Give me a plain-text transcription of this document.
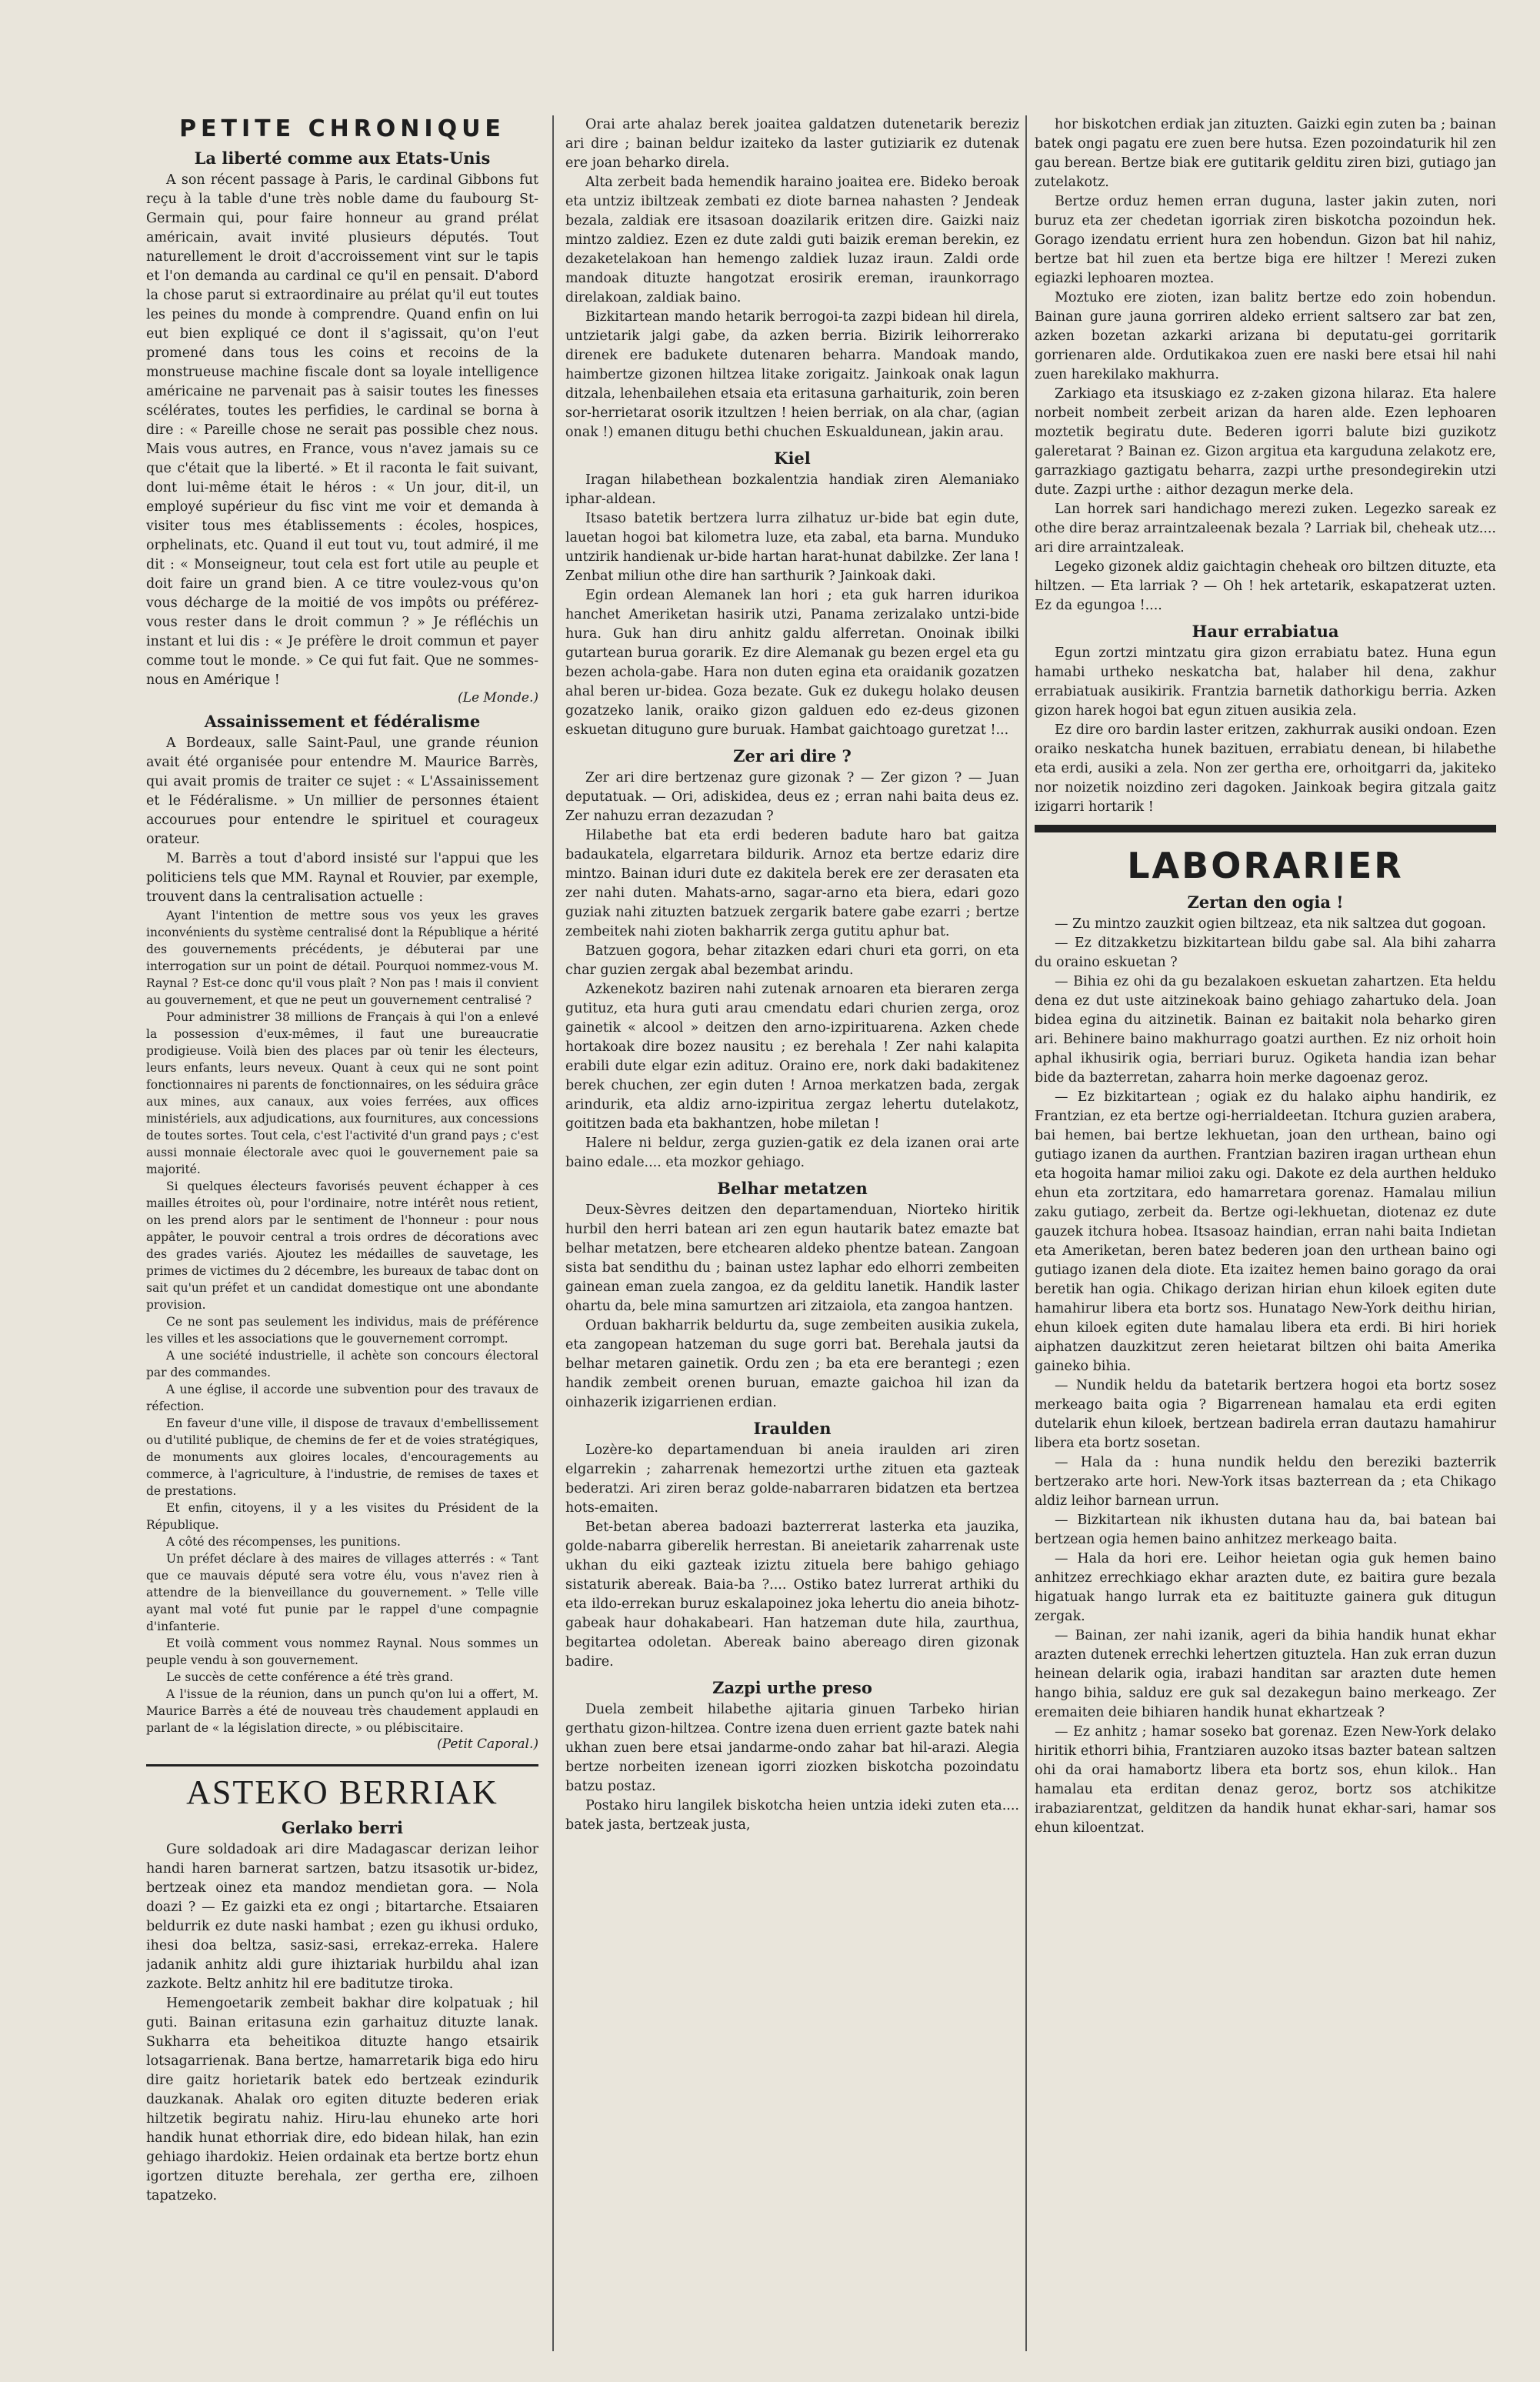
PETITE CHRONIQUE
La liberté comme aux Etats-Unis

A son récent passage à Paris, le cardinal Gibbons fut reçu à la table d'une très noble dame du faubourg St-Germain qui, pour faire honneur au grand prélat américain, avait invité plusieurs députés. Tout naturellement le droit d'accroissement vint sur le tapis et l'on demanda au cardinal ce qu'il en pensait. D'abord la chose parut si extraordinaire au prélat qu'il eut toutes les peines du monde à comprendre. Quand enfin on lui eut bien expliqué ce dont il s'agissait, qu'on l'eut promené dans tous les coins et recoins de la monstrueuse machine fiscale dont sa loyale intelligence américaine ne parvenait pas à saisir toutes les finesses scélérates, toutes les perfidies, le cardinal se borna à dire : « Pareille chose ne serait pas possible chez nous. Mais vous autres, en France, vous n'avez jamais su ce que c'était que la liberté. » Et il raconta le fait suivant, dont lui-même était le héros : « Un jour, dit-il, un employé supérieur du fisc vint me voir et demanda à visiter tous mes établissements : écoles, hospices, orphelinats, etc. Quand il eut tout vu, tout admiré, il me dit : « Monseigneur, tout cela est fort utile au peuple et doit faire un grand bien. A ce titre voulez-vous qu'on vous décharge de la moitié de vos impôts ou préférez-vous rester dans le droit commun ? » Je réfléchis un instant et lui dis : « Je préfère le droit commun et payer comme tout le monde. » Ce qui fut fait. Que ne sommes-nous en Amérique !

(Le Monde.)
Assainissement et fédéralisme

A Bordeaux, salle Saint-Paul, une grande réunion avait été organisée pour entendre M. Maurice Barrès, qui avait promis de traiter ce sujet : « L'Assainissement et le Fédéralisme. » Un millier de personnes étaient accourues pour entendre le spirituel et courageux orateur.

M. Barrès a tout d'abord insisté sur l'appui que les politiciens tels que MM. Raynal et Rouvier, par exemple, trouvent dans la centralisation actuelle :

Ayant l'intention de mettre sous vos yeux les graves inconvénients du système centralisé dont la République a hérité des gouvernements précédents, je débuterai par une interrogation sur un point de détail. Pourquoi nommez-vous M. Raynal ? Est-ce donc qu'il vous plaît ? Non pas ! mais il convient au gouvernement, et que ne peut un gouvernement centralisé ?

Pour administrer 38 millions de Français à qui l'on a enlevé la possession d'eux-mêmes, il faut une bureaucratie prodigieuse. Voilà bien des places par où tenir les électeurs, leurs enfants, leurs neveux. Quant à ceux qui ne sont point fonctionnaires ni parents de fonctionnaires, on les séduira grâce aux mines, aux canaux, aux voies ferrées, aux offices ministériels, aux adjudications, aux fournitures, aux concessions de toutes sortes. Tout cela, c'est l'activité d'un grand pays ; c'est aussi monnaie électorale avec quoi le gouvernement paie sa majorité.

Si quelques électeurs favorisés peuvent échapper à ces mailles étroites où, pour l'ordinaire, notre intérêt nous retient, on les prend alors par le sentiment de l'honneur : pour nous appâter, le pouvoir central a trois ordres de décorations avec des grades variés. Ajoutez les médailles de sauvetage, les primes de victimes du 2 décembre, les bureaux de tabac dont on sait qu'un préfet et un candidat domestique ont une abondante provision.

Ce ne sont pas seulement les individus, mais de préférence les villes et les associations que le gouvernement corrompt.

A une société industrielle, il achète son concours électoral par des commandes.

A une église, il accorde une subvention pour des travaux de réfection.

En faveur d'une ville, il dispose de travaux d'embellissement ou d'utilité publique, de chemins de fer et de voies stratégiques, de monuments aux gloires locales, d'encouragements au commerce, à l'agriculture, à l'industrie, de remises de taxes et de prestations.

Et enfin, citoyens, il y a les visites du Président de la République.

A côté des récompenses, les punitions.

Un préfet déclare à des maires de villages atterrés : « Tant que ce mauvais député sera votre élu, vous n'avez rien à attendre de la bienveillance du gouvernement. » Telle ville ayant mal voté fut punie par le rappel d'une compagnie d'infanterie.

Et voilà comment vous nommez Raynal. Nous sommes un peuple vendu à son gouvernement.

Le succès de cette conférence a été très grand.

A l'issue de la réunion, dans un punch qu'on lui a offert, M. Maurice Barrès a été de nouveau très chaudement applaudi en parlant de « la législation directe, » ou plébiscitaire.

(Petit Caporal.)
ASTEKO BERRIAK
Gerlako berri

Gure soldadoak ari dire Madagascar derizan leihor handi haren barnerat sartzen, batzu itsasotik ur-bidez, bertzeak oinez eta mandoz mendietan gora. — Nola doazi ? — Ez gaizki eta ez ongi ; bitartarche. Etsaiaren beldurrik ez dute naski hambat ; ezen gu ikhusi orduko, ihesi doa beltza, sasiz-sasi, errekaz-erreka. Halere jadanik anhitz aldi gure ihiztariak hurbildu ahal izan zazkote. Beltz anhitz hil ere baditutze tiroka.

Hemengoetarik zembeit bakhar dire kolpatuak ; hil guti. Bainan eritasuna ezin garhaituz dituzte lanak. Sukharra eta beheitikoa dituzte hango etsairik lotsagarrienak. Bana bertze, hamarretarik biga edo hiru dire gaitz horietarik batek edo bertzeak ezindurik dauzkanak. Ahalak oro egiten dituzte bederen eriak hiltzetik begiratu nahiz. Hiru-lau ehuneko arte hori handik hunat ethorriak dire, edo bidean hilak, han ezin gehiago ihardokiz. Heien ordainak eta bertze bortz ehun igortzen dituzte berehala, zer gertha ere, zilhoen tapatzeko.

Orai arte ahalaz berek joaitea galdatzen dutenetarik bereziz ari dire ; bainan beldur izaiteko da laster gutiziarik ez dutenak ere joan beharko direla.

Alta zerbeit bada hemendik haraino joaitea ere. Bideko beroak eta untziz ibiltzeak zembati ez diote barnea nahasten ? Jendeak bezala, zaldiak ere itsasoan doazilarik eritzen dire. Gaizki naiz mintzo zaldiez. Ezen ez dute zaldi guti baizik ereman berekin, ez dezaketelakoan han hemengo zaldiek luzaz iraun. Zaldi orde mandoak dituzte hangotzat erosirik ereman, iraunkorrago direlakoan, zaldiak baino.

Bizkitartean mando hetarik berrogoi-ta zazpi bidean hil direla, untzietarik jalgi gabe, da azken berria. Bizirik leihorrerako direnek ere badukete dutenaren beharra. Mandoak mando, haimbertze gizonen hiltzea litake zorigaitz. Jainkoak onak lagun ditzala, lehenbailehen etsaia eta eritasuna garhaiturik, zoin beren sor-herrietarat osorik itzultzen ! heien berriak, on ala char, (agian onak !) emanen ditugu bethi chuchen Eskualdunean, jakin arau.

Kiel

Iragan hilabethean bozkalentzia handiak ziren Alemaniako iphar-aldean.

Itsaso batetik bertzera lurra zilhatuz ur-bide bat egin dute, lauetan hogoi bat kilometra luze, eta zabal, eta barna. Munduko untzirik handienak ur-bide hartan harat-hunat dabilzke. Zer lana ! Zenbat miliun othe dire han sarthurik ? Jainkoak daki.

Egin ordean Alemanek lan hori ; eta guk harren idurikoa hanchet Ameriketan hasirik utzi, Panama zerizalako untzi-bide hura. Guk han diru anhitz galdu alferretan. Onoinak ibilki gutartean burua gorarik. Ez dire Alemanak gu bezen ergel eta gu bezen achola-gabe. Hara non duten egina eta oraidanik gozatzen ahal beren ur-bidea. Goza bezate. Guk ez dukegu holako deusen gozatzeko lanik, oraiko gizon galduen edo ez-deus gizonen eskuetan dituguno gure buruak. Hambat gaichtoago guretzat !...

Zer ari dire ?

Zer ari dire bertzenaz gure gizonak ? — Zer gizon ? — Juan deputatuak. — Ori, adiskidea, deus ez ; erran nahi baita deus ez. Zer nahuzu erran dezazudan ?

Hilabethe bat eta erdi bederen badute haro bat gaitza badaukatela, elgarretara bildurik. Arnoz eta bertze edariz dire mintzo. Bainan iduri dute ez dakitela berek ere zer derasaten eta zer nahi duten. Mahats-arno, sagar-arno eta biera, edari gozo guziak nahi zituzten batzuek zergarik batere gabe ezarri ; bertze zembeitek nahi zioten bakharrik zerga gutitu aphur bat.

Batzuen gogora, behar zitazken edari churi eta gorri, on eta char guzien zergak abal bezembat arindu.

Azkenekotz baziren nahi zutenak arnoaren eta bieraren zerga gutituz, eta hura guti arau cmendatu edari churien zerga, oroz gainetik « alcool » deitzen den arno-izpirituarena. Azken chede hortakoak dire bozez nausitu ; ez berehala ! Zer nahi kalapita erabili dute elgar ezin adituz. Oraino ere, nork daki badakitenez berek chuchen, zer egin duten ! Arnoa merkatzen bada, zergak arindurik, eta aldiz arno-izpiritua zergaz lehertu dutelakotz, goititzen bada eta bakhantzen, hobe miletan !

Halere ni beldur, zerga guzien-gatik ez dela izanen orai arte baino edale.... eta mozkor gehiago.

Belhar metatzen

Deux-Sèvres deitzen den departamenduan, Niorteko hiritik hurbil den herri batean ari zen egun hautarik batez emazte bat belhar metatzen, bere etchearen aldeko phentze batean. Zangoan sista bat sendithu du ; bainan ustez laphar edo elhorri zembeiten gainean eman zuela zangoa, ez da gelditu lanetik. Handik laster ohartu da, bele mina samurtzen ari zitzaiola, eta zangoa hantzen.

Orduan bakharrik beldurtu da, suge zembeiten ausikia zukela, eta zangopean hatzeman du suge gorri bat. Berehala jautsi da belhar metaren gainetik. Ordu zen ; ba eta ere berantegi ; ezen handik zembeit orenen buruan, emazte gaichoa hil izan da oinhazerik izigarrienen erdian.

Iraulden

Lozère-ko departamenduan bi aneia iraulden ari ziren elgarrekin ; zaharrenak hemezortzi urthe zituen eta gazteak bederatzi. Ari ziren beraz golde-nabarraren bidatzen eta bertzea hots-emaiten.

Bet-betan aberea badoazi bazterrerat lasterka eta jauzika, golde-nabarra giberelik herrestan. Bi aneietarik zaharrenak uste ukhan du eiki gazteak iziztu zituela bere bahigo gehiago sistaturik abereak. Baia-ba ?.... Ostiko batez lurrerat arthiki du eta ildo-errekan buruz eskalapoinez joka lehertu dio aneia bihotz-gabeak haur dohakabeari. Han hatzeman dute hila, zaurthua, begitartea odoletan. Abereak baino abereago diren gizonak badire.

Zazpi urthe preso

Duela zembeit hilabethe ajitaria ginuen Tarbeko hirian gerthatu gizon-hiltzea. Contre izena duen errient gazte batek nahi ukhan zuen bere etsai jandarme-ondo zahar bat hil-arazi. Alegia bertze norbeiten izenean igorri ziozken biskotcha pozoindatu batzu postaz.

Postako hiru langilek biskotcha heien untzia ideki zuten eta.... batek jasta, bertzeak justa,

hor biskotchen erdiak jan zituzten. Gaizki egin zuten ba ; bainan batek ongi pagatu ere zuen bere hutsa. Ezen pozoindaturik hil zen gau berean. Bertze biak ere gutitarik gelditu ziren bizi, gutiago jan zutelakotz.

Bertze orduz hemen erran duguna, laster jakin zuten, nori buruz eta zer chedetan igorriak ziren biskotcha pozoindun hek. Gorago izendatu errient hura zen hobendun. Gizon bat hil nahiz, bertze bat hil zuen eta bertze biga ere hiltzer ! Merezi zuken egiazki lephoaren moztea.

Moztuko ere zioten, izan balitz bertze edo zoin hobendun. Bainan gure jauna gorriren aldeko errient saltsero zar bat zen, azken bozetan azkarki arizana bi deputatu-gei gorritarik gorrienaren alde. Ordutikakoa zuen ere naski bere etsai hil nahi zuen harekilako makhurra.

Zarkiago eta itsuskiago ez z-zaken gizona hilaraz. Eta halere norbeit nombeit zerbeit arizan da haren alde. Ezen lephoaren moztetik begiratu dute. Bederen igorri balute bizi guzikotz galeretarat ? Bainan ez. Gizon argitua eta karguduna zelakotz ere, garrazkiago gaztigatu beharra, zazpi urthe presondegirekin utzi dute. Zazpi urthe : aithor dezagun merke dela.

Lan horrek sari handichago merezi zuken. Legezko sareak ez othe dire beraz arraintzaleenak bezala ? Larriak bil, cheheak utz.... ari dire arraintzaleak.

Legeko gizonek aldiz gaichtagin cheheak oro biltzen dituzte, eta hiltzen. — Eta larriak ? — Oh ! hek artetarik, eskapatzerat uzten. Ez da egungoa !....

Haur errabiatua

Egun zortzi mintzatu gira gizon errabiatu batez. Huna egun hamabi urtheko neskatcha bat, halaber hil dena, zakhur errabiatuak ausikirik. Frantzia barnetik dathorkigu berria. Azken gizon harek hogoi bat egun zituen ausikia zela.

Ez dire oro bardin laster eritzen, zakhurrak ausiki ondoan. Ezen oraiko neskatcha hunek bazituen, errabiatu denean, bi hilabethe eta erdi, ausiki a zela. Non zer gertha ere, orhoitgarri da, jakiteko nor noizetik noizdino zeri dagoken. Jainkoak begira gitzala gaitz izigarri hortarik !

LABORARIER
Zertan den ogia !

— Zu mintzo zauzkit ogien biltzeaz, eta nik saltzea dut gogoan.

— Ez ditzakketzu bizkitartean bildu gabe sal. Ala bihi zaharra du oraino eskuetan ?

— Bihia ez ohi da gu bezalakoen eskuetan zahartzen. Eta heldu dena ez dut uste aitzinekoak baino gehiago zahartuko dela. Joan bidea egina du aitzinetik. Bainan ez baitakit nola beharko giren ari. Behinere baino makhurrago goatzi aurthen. Ez niz orhoit hoin aphal ikhusirik ogia, berriari buruz. Ogiketa handia izan behar bide da bazterretan, zaharra hoin merke dagoenaz geroz.

— Ez bizkitartean ; ogiak ez du halako aiphu handirik, ez Frantzian, ez eta bertze ogi-herrialdeetan. Itchura guzien arabera, bai hemen, bai bertze lekhuetan, joan den urthean, baino ogi gutiago izanen da aurthen. Frantzian baziren iragan urthean ehun eta hogoita hamar milioi zaku ogi. Dakote ez dela aurthen helduko ehun eta zortzitara, edo hamarretara gorenaz. Hamalau miliun zaku gutiago, zerbeit da. Bertze ogi-lekhuetan, diotenaz ez dute gauzek itchura hobea. Itsasoaz haindian, erran nahi baita Indietan eta Ameriketan, beren batez bederen joan den urthean baino ogi gutiago izanen dela diote. Eta izaitez hemen baino gorago da orai beretik han ogia. Chikago derizan hirian ehun kiloek egiten dute hamahirur libera eta bortz sos. Hunatago New-York deithu hirian, ehun kiloek egiten dute hamalau libera eta erdi. Bi hiri horiek aiphatzen dauzkitzut zeren heietarat biltzen ohi baita Amerika gaineko bihia.

— Nundik heldu da batetarik bertzera hogoi eta bortz sosez merkeago baita ogia ? Bigarrenean hamalau eta erdi egiten dutelarik ehun kiloek, bertzean badirela erran dautazu hamahirur libera eta bortz sosetan.

— Hala da : huna nundik heldu den bereziki bazterrik bertzerako arte hori. New-York itsas bazterrean da ; eta Chikago aldiz leihor barnean urrun.

— Bizkitartean nik ikhusten dutana hau da, bai batean bai bertzean ogia hemen baino anhitzez merkeago baita.

— Hala da hori ere. Leihor heietan ogia guk hemen baino anhitzez errechkiago ekhar arazten dute, ez baitira gure bezala higatuak hango lurrak eta ez baitituzte gainera guk ditugun zergak.

— Bainan, zer nahi izanik, ageri da bihia handik hunat ekhar arazten dutenek errechki lehertzen gituztela. Han zuk erran duzun heinean delarik ogia, irabazi handitan sar arazten dute hemen hango bihia, salduz ere guk sal dezakegun baino merkeago. Zer eremaiten deie bihiaren handik hunat ekhartzeak ?

— Ez anhitz ; hamar soseko bat gorenaz. Ezen New-York delako hiritik ethorri bihia, Frantziaren auzoko itsas bazter batean saltzen ohi da orai hamabortz libera eta bortz sos, ehun kilok.. Han hamalau eta erditan denaz geroz, bortz sos atchikitze irabaziarentzat, gelditzen da handik hunat ekhar-sari, hamar sos ehun kiloentzat.
